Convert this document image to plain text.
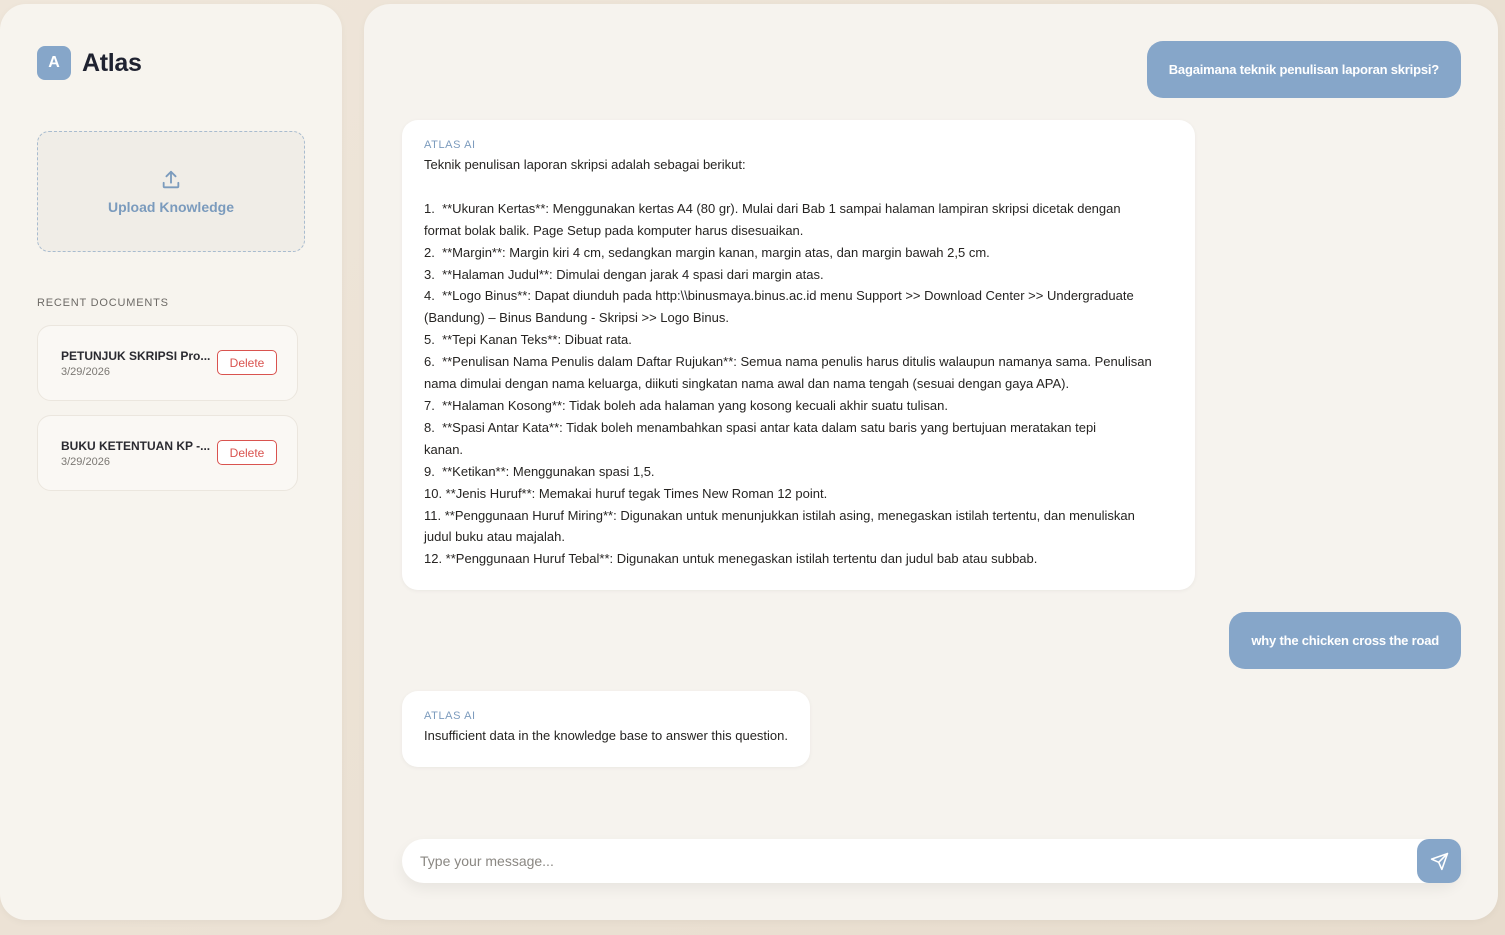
A Atlas
Upload Knowledge
RECENT DOCUMENTS
PETUNJUK SKRIPSI Pro...
3/29/2026
Delete
BUKU KETENTUAN KP -...
3/29/2026
Delete
Bagaimana teknik penulisan laporan skripsi?
ATLAS AI
Teknik penulisan laporan skripsi adalah sebagai berikut:

1.  **Ukuran Kertas**: Menggunakan kertas A4 (80 gr). Mulai dari Bab 1 sampai halaman lampiran skripsi dicetak dengan
format bolak balik. Page Setup pada komputer harus disesuaikan.
2.  **Margin**: Margin kiri 4 cm, sedangkan margin kanan, margin atas, dan margin bawah 2,5 cm.
3.  **Halaman Judul**: Dimulai dengan jarak 4 spasi dari margin atas.
4.  **Logo Binus**: Dapat diunduh pada http:\\binusmaya.binus.ac.id menu Support >> Download Center >> Undergraduate
(Bandung) – Binus Bandung - Skripsi >> Logo Binus.
5.  **Tepi Kanan Teks**: Dibuat rata.
6.  **Penulisan Nama Penulis dalam Daftar Rujukan**: Semua nama penulis harus ditulis walaupun namanya sama. Penulisan
nama dimulai dengan nama keluarga, diikuti singkatan nama awal dan nama tengah (sesuai dengan gaya APA).
7.  **Halaman Kosong**: Tidak boleh ada halaman yang kosong kecuali akhir suatu tulisan.
8.  **Spasi Antar Kata**: Tidak boleh menambahkan spasi antar kata dalam satu baris yang bertujuan meratakan tepi
kanan.
9.  **Ketikan**: Menggunakan spasi 1,5.
10. **Jenis Huruf**: Memakai huruf tegak Times New Roman 12 point.
11. **Penggunaan Huruf Miring**: Digunakan untuk menunjukkan istilah asing, menegaskan istilah tertentu, dan menuliskan
judul buku atau majalah.
12. **Penggunaan Huruf Tebal**: Digunakan untuk menegaskan istilah tertentu dan judul bab atau subbab.
why the chicken cross the road
ATLAS AI
Insufficient data in the knowledge base to answer this question.
Type your message...
